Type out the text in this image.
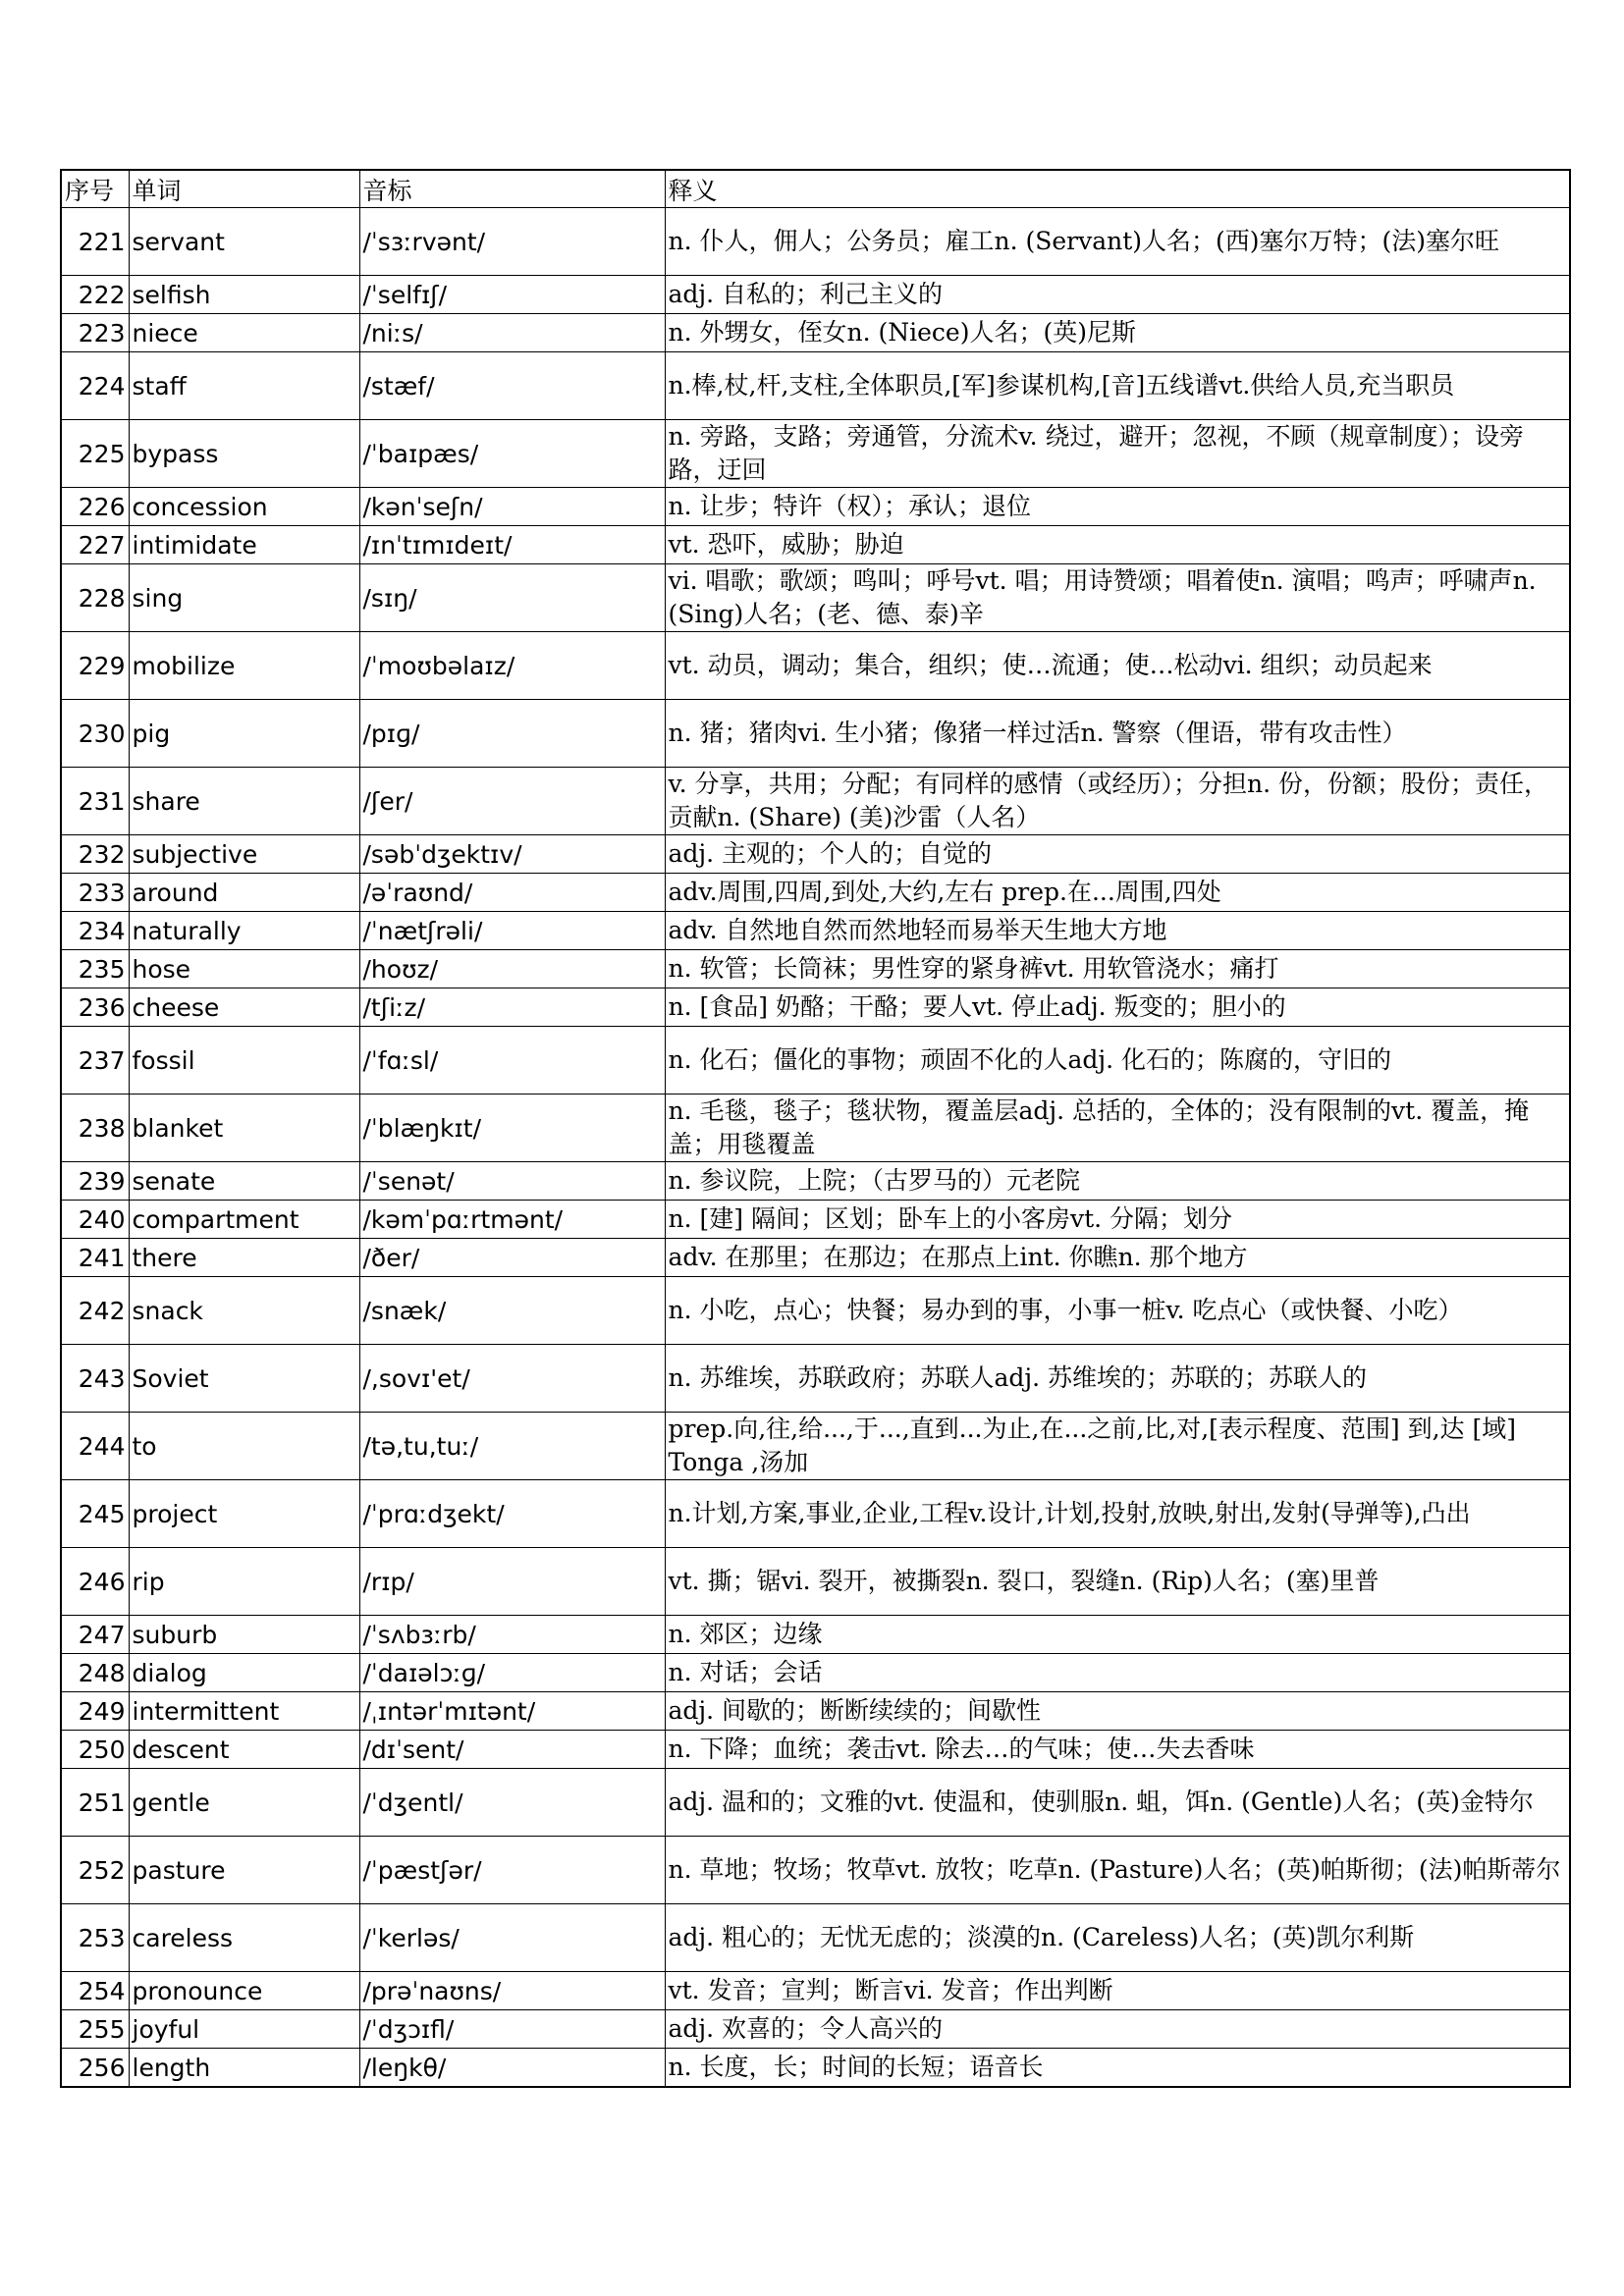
序号	单词	音标	释义
221	servant	/ˈsɜːrvənt/	n. 仆人，佣人；公务员；雇工n. (Servant)人名；(西)塞尔万特；(法)塞尔旺
222	selfish	/ˈselfɪʃ/	adj. 自私的；利己主义的
223	niece	/niːs/	n. 外甥女，侄女n. (Niece)人名；(英)尼斯
224	staff	/stæf/	n.棒,杖,杆,支柱,全体职员,[军]参谋机构,[音]五线谱vt.供给人员,充当职员
225	bypass	/ˈbaɪpæs/	n. 旁路，支路；旁通管，分流术v. 绕过，避开；忽视，不顾（规章制度）；设旁路，迂回
226	concession	/kənˈseʃn/	n. 让步；特许（权）；承认；退位
227	intimidate	/ɪnˈtɪmɪdeɪt/	vt. 恐吓，威胁；胁迫
228	sing	/sɪŋ/	vi. 唱歌；歌颂；鸣叫；呼号vt. 唱；用诗赞颂；唱着使n. 演唱；鸣声；呼啸声n. (Sing)人名；(老、德、泰)辛
229	mobilize	/ˈmoʊbəlaɪz/	vt. 动员，调动；集合，组织；使…流通；使…松动vi. 组织；动员起来
230	pig	/pɪɡ/	n. 猪；猪肉vi. 生小猪；像猪一样过活n. 警察（俚语，带有攻击性）
231	share	/ʃer/	v. 分享，共用；分配；有同样的感情（或经历）；分担n. 份，份额；股份；责任，贡献n. (Share) (美)沙雷（人名）
232	subjective	/səbˈdʒektɪv/	adj. 主观的；个人的；自觉的
233	around	/əˈraʊnd/	adv.周围,四周,到处,大约,左右 prep.在...周围,四处
234	naturally	/ˈnætʃrəli/	adv. 自然地自然而然地轻而易举天生地大方地
235	hose	/hoʊz/	n. 软管；长筒袜；男性穿的紧身裤vt. 用软管浇水；痛打
236	cheese	/tʃiːz/	n. [食品] 奶酪；干酪；要人vt. 停止adj. 叛变的；胆小的
237	fossil	/ˈfɑːsl/	n. 化石；僵化的事物；顽固不化的人adj. 化石的；陈腐的，守旧的
238	blanket	/ˈblæŋkɪt/	n. 毛毯，毯子；毯状物，覆盖层adj. 总括的，全体的；没有限制的vt. 覆盖，掩盖；用毯覆盖
239	senate	/ˈsenət/	n. 参议院，上院；（古罗马的）元老院
240	compartment	/kəmˈpɑːrtmənt/	n. [建] 隔间；区划；卧车上的小客房vt. 分隔；划分
241	there	/ðer/	adv. 在那里；在那边；在那点上int. 你瞧n. 那个地方
242	snack	/snæk/	n. 小吃，点心；快餐；易办到的事，小事一桩v. 吃点心（或快餐、小吃）
243	Soviet	/,sovɪ'et/	n. 苏维埃，苏联政府；苏联人adj. 苏维埃的；苏联的；苏联人的
244	to	/tə,tu,tuː/	prep.向,往,给...,于...,直到...为止,在...之前,比,对,[表示程度、范围] 到,达 [域] Tonga ,汤加
245	project	/ˈprɑːdʒekt/	n.计划,方案,事业,企业,工程v.设计,计划,投射,放映,射出,发射(导弹等),凸出
246	rip	/rɪp/	vt. 撕；锯vi. 裂开，被撕裂n. 裂口，裂缝n. (Rip)人名；(塞)里普
247	suburb	/ˈsʌbɜːrb/	n. 郊区；边缘
248	dialog	/ˈdaɪəlɔːɡ/	n. 对话；会话
249	intermittent	/ˌɪntərˈmɪtənt/	adj. 间歇的；断断续续的；间歇性
250	descent	/dɪˈsent/	n. 下降；血统；袭击vt. 除去…的气味；使…失去香味
251	gentle	/ˈdʒentl/	adj. 温和的；文雅的vt. 使温和，使驯服n. 蛆，饵n. (Gentle)人名；(英)金特尔
252	pasture	/ˈpæstʃər/	n. 草地；牧场；牧草vt. 放牧；吃草n. (Pasture)人名；(英)帕斯彻；(法)帕斯蒂尔
253	careless	/ˈkerləs/	adj. 粗心的；无忧无虑的；淡漠的n. (Careless)人名；(英)凯尔利斯
254	pronounce	/prəˈnaʊns/	vt. 发音；宣判；断言vi. 发音；作出判断
255	joyful	/ˈdʒɔɪfl/	adj. 欢喜的；令人高兴的
256	length	/leŋkθ/	n. 长度，长；时间的长短；语音长
